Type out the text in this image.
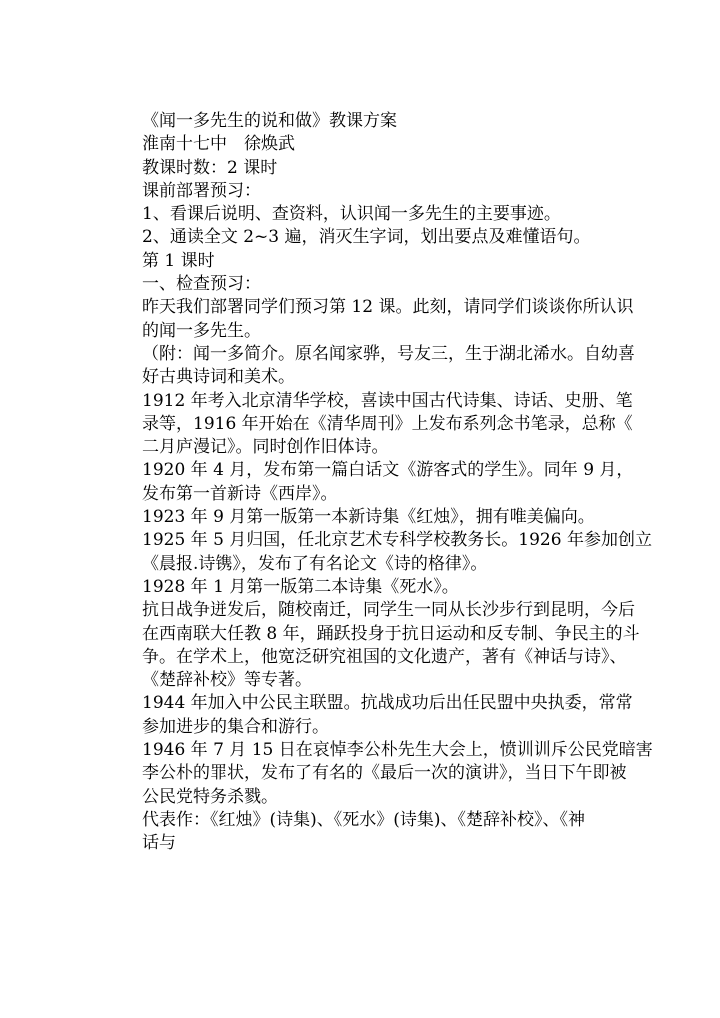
《闻一多先生的说和做》教课方案
淮南十七中　徐焕武
教课时数：2 课时
课前部署预习：
1、看课后说明、查资料，认识闻一多先生的主要事迹。
2、通读全文 2~3 遍，消灭生字词，划出要点及难懂语句。
第 1 课时
一、检查预习：
昨天我们部署同学们预习第 12 课。此刻，请同学们谈谈你所认识
的闻一多先生。
（附：闻一多简介。原名闻家骅，号友三，生于湖北浠水。自幼喜
好古典诗词和美术。
1912 年考入北京清华学校，喜读中国古代诗集、诗话、史册、笔
录等，1916 年开始在《清华周刊》上发布系列念书笔录，总称《
二月庐漫记》。同时创作旧体诗。
1920 年 4 月，发布第一篇白话文《游客式的学生》。同年 9 月，
发布第一首新诗《西岸》。
1923 年 9 月第一版第一本新诗集《红烛》，拥有唯美偏向。
1925 年 5 月归国，任北京艺术专科学校教务长。1926 年参加创立
《晨报.诗镌》，发布了有名论文《诗的格律》。
1928 年 1 月第一版第二本诗集《死水》。
抗日战争迸发后，随校南迁，同学生一同从长沙步行到昆明，今后
在西南联大任教 8 年，踊跃投身于抗日运动和反专制、争民主的斗
争。在学术上，他宽泛研究祖国的文化遗产，著有《神话与诗》、
《楚辞补校》等专著。
1944 年加入中公民主联盟。抗战成功后出任民盟中央执委，常常
参加进步的集合和游行。
1946 年 7 月 15 日在哀悼李公朴先生大会上，愤训训斥公民党暗害
李公朴的罪状，发布了有名的《最后一次的演讲》，当日下午即被
公民党特务杀戮。
代表作：《红烛》(诗集)、《死水》(诗集)、《楚辞补校》、《神
话与
